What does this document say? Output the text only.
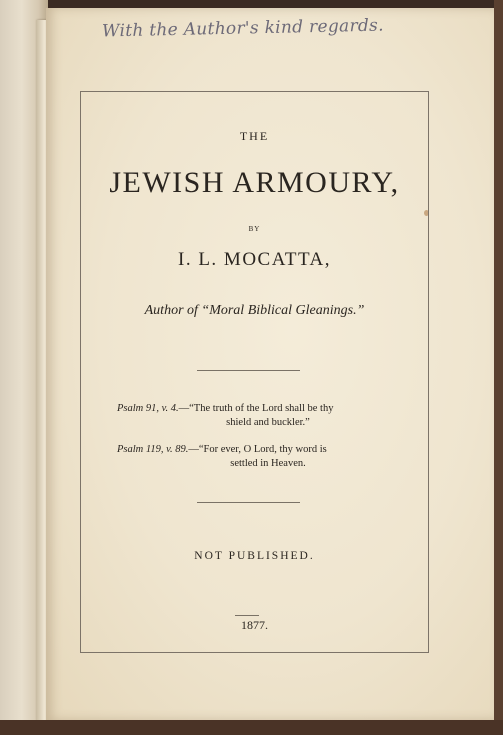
With the Author's kind regards.
THE
JEWISH ARMOURY,
BY
I. L. MOCATTA,
Author of “Moral Biblical Gleanings.”
Psalm 91, v. 4.—“The truth of the Lord shall be thy
shield and buckler.”
Psalm 119, v. 89.—“For ever, O Lord, thy word is
settled in Heaven.
NOT PUBLISHED.
1877.
